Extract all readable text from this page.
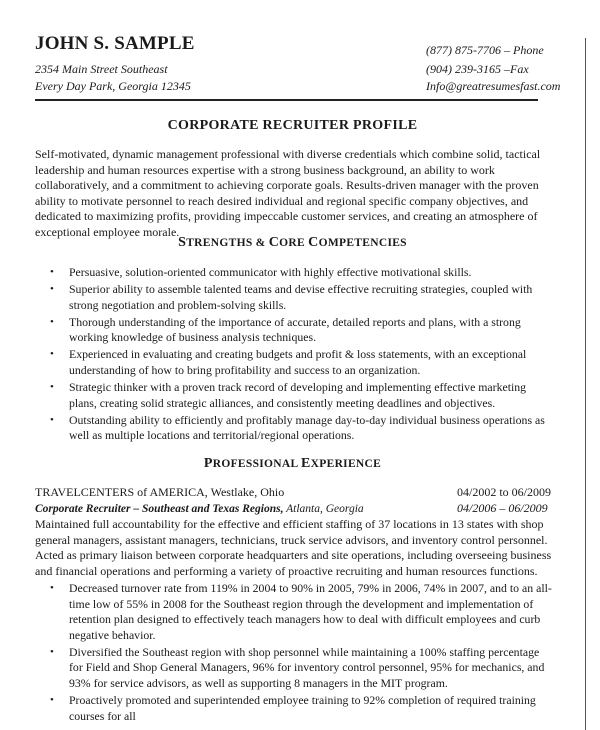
JOHN S. SAMPLE
2354 Main Street Southeast
Every Day Park, Georgia 12345
(877) 875-7706 – Phone
(904) 239-3165 –Fax
Info@greatresumesfast.com
CORPORATE RECRUITER PROFILE
Self-motivated, dynamic management professional with diverse credentials which combine solid, tactical leadership and human resources expertise with a strong business background, an ability to work collaboratively, and a commitment to achieving corporate goals. Results-driven manager with the proven ability to motivate personnel to reach desired individual and regional specific company objectives, and dedicated to maximizing profits, providing impeccable customer services, and creating an atmosphere of exceptional employee morale.
STRENGTHS & CORE COMPETENCIES
• Persuasive, solution-oriented communicator with highly effective motivational skills.
• Superior ability to assemble talented teams and devise effective recruiting strategies, coupled with strong negotiation and problem-solving skills.
• Thorough understanding of the importance of accurate, detailed reports and plans, with a strong working knowledge of business analysis techniques.
• Experienced in evaluating and creating budgets and profit & loss statements, with an exceptional understanding of how to bring profitability and success to an organization.
• Strategic thinker with a proven track record of developing and implementing effective marketing plans, creating solid strategic alliances, and consistently meeting deadlines and objectives.
• Outstanding ability to efficiently and profitably manage day-to-day individual business operations as well as multiple locations and territorial/regional operations.
PROFESSIONAL EXPERIENCE
TRAVELCENTERS of AMERICA, Westlake, Ohio	04/2002 to 06/2009
Corporate Recruiter – Southeast and Texas Regions, Atlanta, Georgia	04/2006 – 06/2009
Maintained full accountability for the effective and efficient staffing of 37 locations in 13 states with shop general managers, assistant managers, technicians, truck service advisors, and inventory control personnel. Acted as primary liaison between corporate headquarters and site operations, including overseeing business and financial operations and performing a variety of proactive recruiting and human resources functions.
• Decreased turnover rate from 119% in 2004 to 90% in 2005, 79% in 2006, 74% in 2007, and to an all-time low of 55% in 2008 for the Southeast region through the development and implementation of retention plan designed to effectively teach managers how to deal with difficult employees and curb negative behavior.
• Diversified the Southeast region with shop personnel while maintaining a 100% staffing percentage for Field and Shop General Managers, 96% for inventory control personnel, 95% for mechanics, and 93% for service advisors, as well as supporting 8 managers in the MIT program.
• Proactively promoted and superintended employee training to 92% completion of required training courses for all
